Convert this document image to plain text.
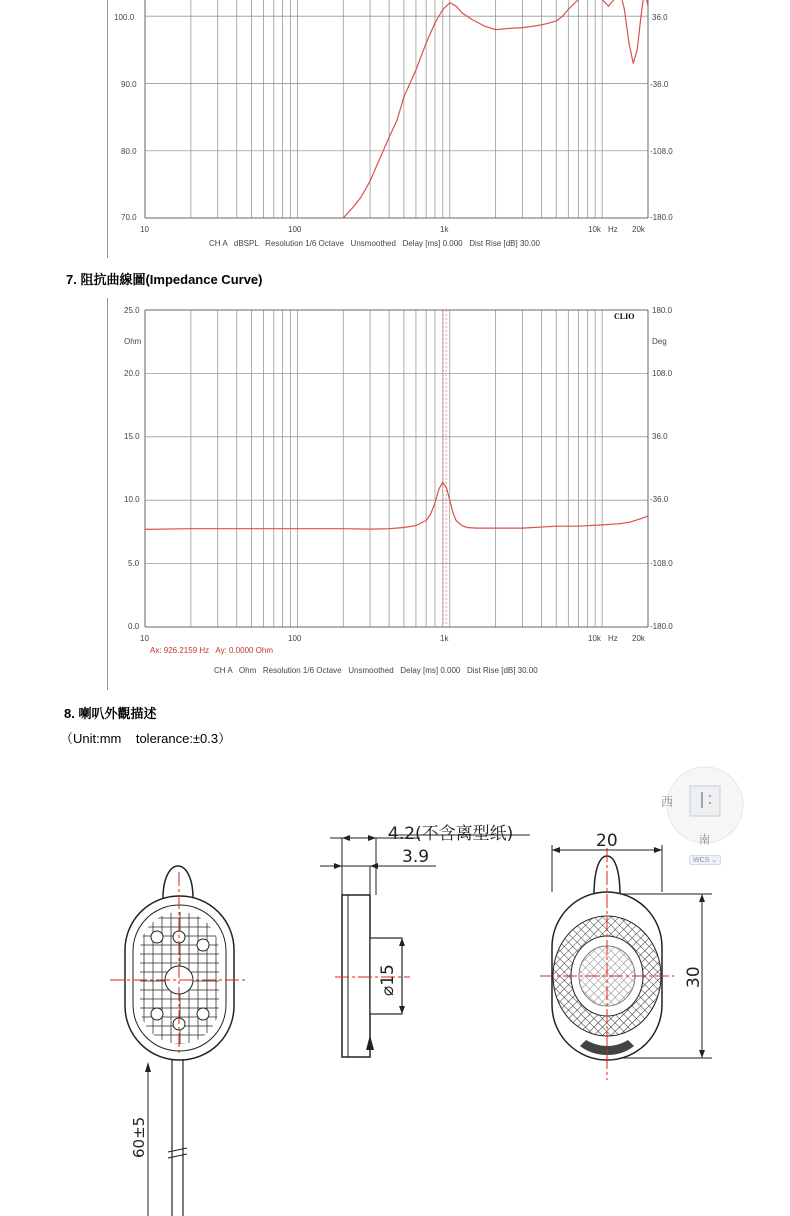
100.0
90.0
80.0
70.0
36.0
-36.0
-108.0
-180.0
10	100	1k	10k Hz 20k
CH A   dBSPL   Resolution 1/6 Octave   Unsmoothed   Delay [ms] 0.000   Dist Rise [dB] 30.00
7. 阻抗曲線圖(Impedance Curve)
CLIO
25.0
Ohm
20.0
15.0
10.0
5.0
0.0
180.0
Deg
108.0
36.0
-36.0
-108.0
-180.0
10	100	1k	10k Hz 20k
Ax: 926.2159 Hz   Ay: 0.0000 Ohm
CH A   Ohm   Resolution 1/6 Octave   Unsmoothed   Delay [ms] 0.000   Dist Rise [dB] 30.00
8. 喇叭外觀描述
（Unit:mm    tolerance:±0.3）
4.2(不含离型纸)
3.9
⌀15
20
30
60±5
西
南
WCS ⌄
